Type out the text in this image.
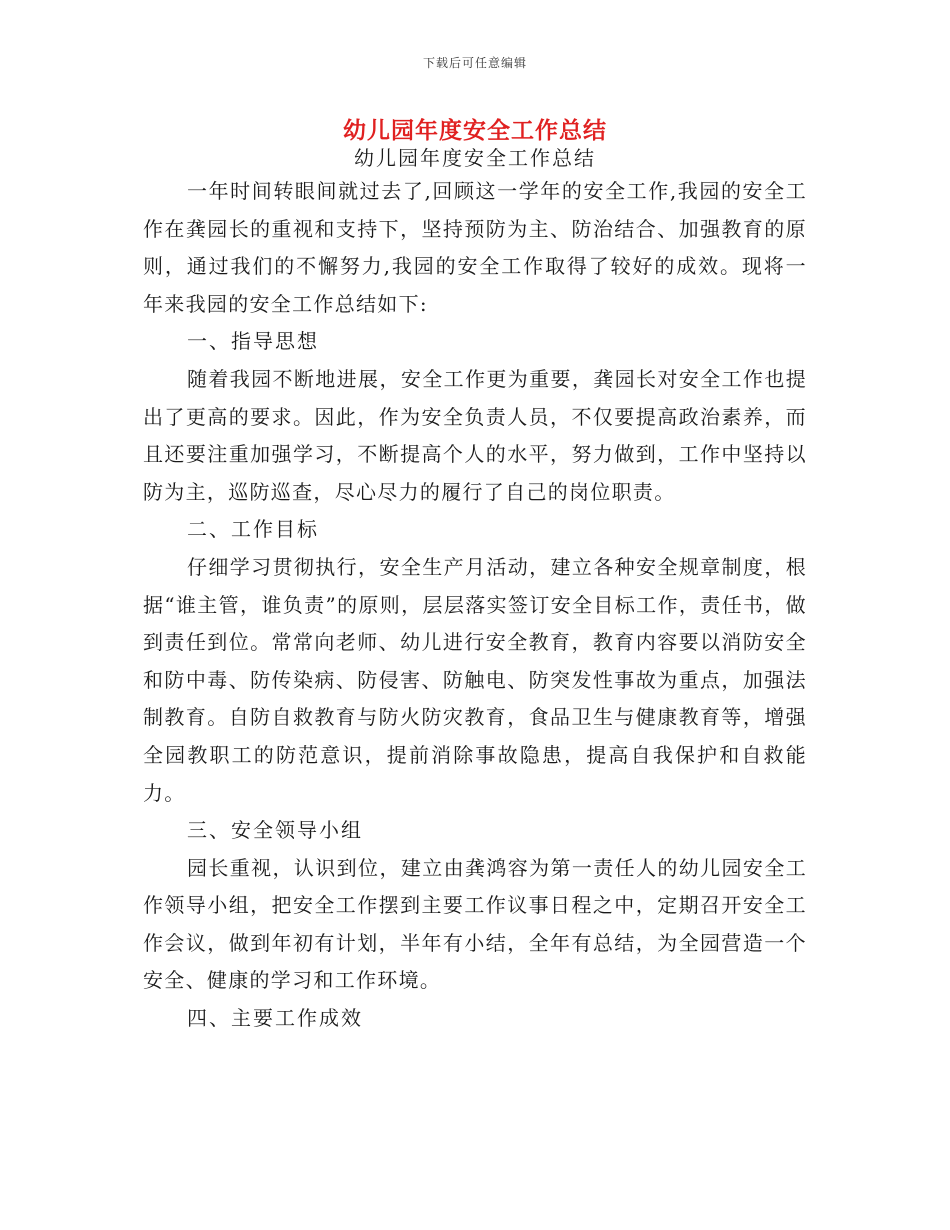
下载后可任意编辑
幼儿园年度安全工作总结
幼儿园年度安全工作总结

一年时间转眼间就过去了,回顾这一学年的安全工作,我园的安全工作在龚园长的重视和支持下，坚持预防为主、防治结合、加强教育的原则，通过我们的不懈努力,我园的安全工作取得了较好的成效。现将一年来我园的安全工作总结如下:

一、指导思想

随着我园不断地进展，安全工作更为重要，龚园长对安全工作也提出了更高的要求。因此，作为安全负责人员，不仅要提高政治素养，而且还要注重加强学习，不断提高个人的水平，努力做到，工作中坚持以防为主，巡防巡查，尽心尽力的履行了自己的岗位职责。

二、工作目标

仔细学习贯彻执行，安全生产月活动，建立各种安全规章制度，根据“谁主管，谁负责”的原则，层层落实签订安全目标工作，责任书，做到责任到位。常常向老师、幼儿进行安全教育，教育内容要以消防安全和防中毒、防传染病、防侵害、防触电、防突发性事故为重点，加强法制教育。自防自救教育与防火防灾教育，食品卫生与健康教育等，增强全园教职工的防范意识，提前消除事故隐患，提高自我保护和自救能力。

三、安全领导小组

园长重视，认识到位，建立由龚鸿容为第一责任人的幼儿园安全工作领导小组，把安全工作摆到主要工作议事日程之中，定期召开安全工作会议，做到年初有计划，半年有小结，全年有总结，为全园营造一个安全、健康的学习和工作环境。

四、主要工作成效
